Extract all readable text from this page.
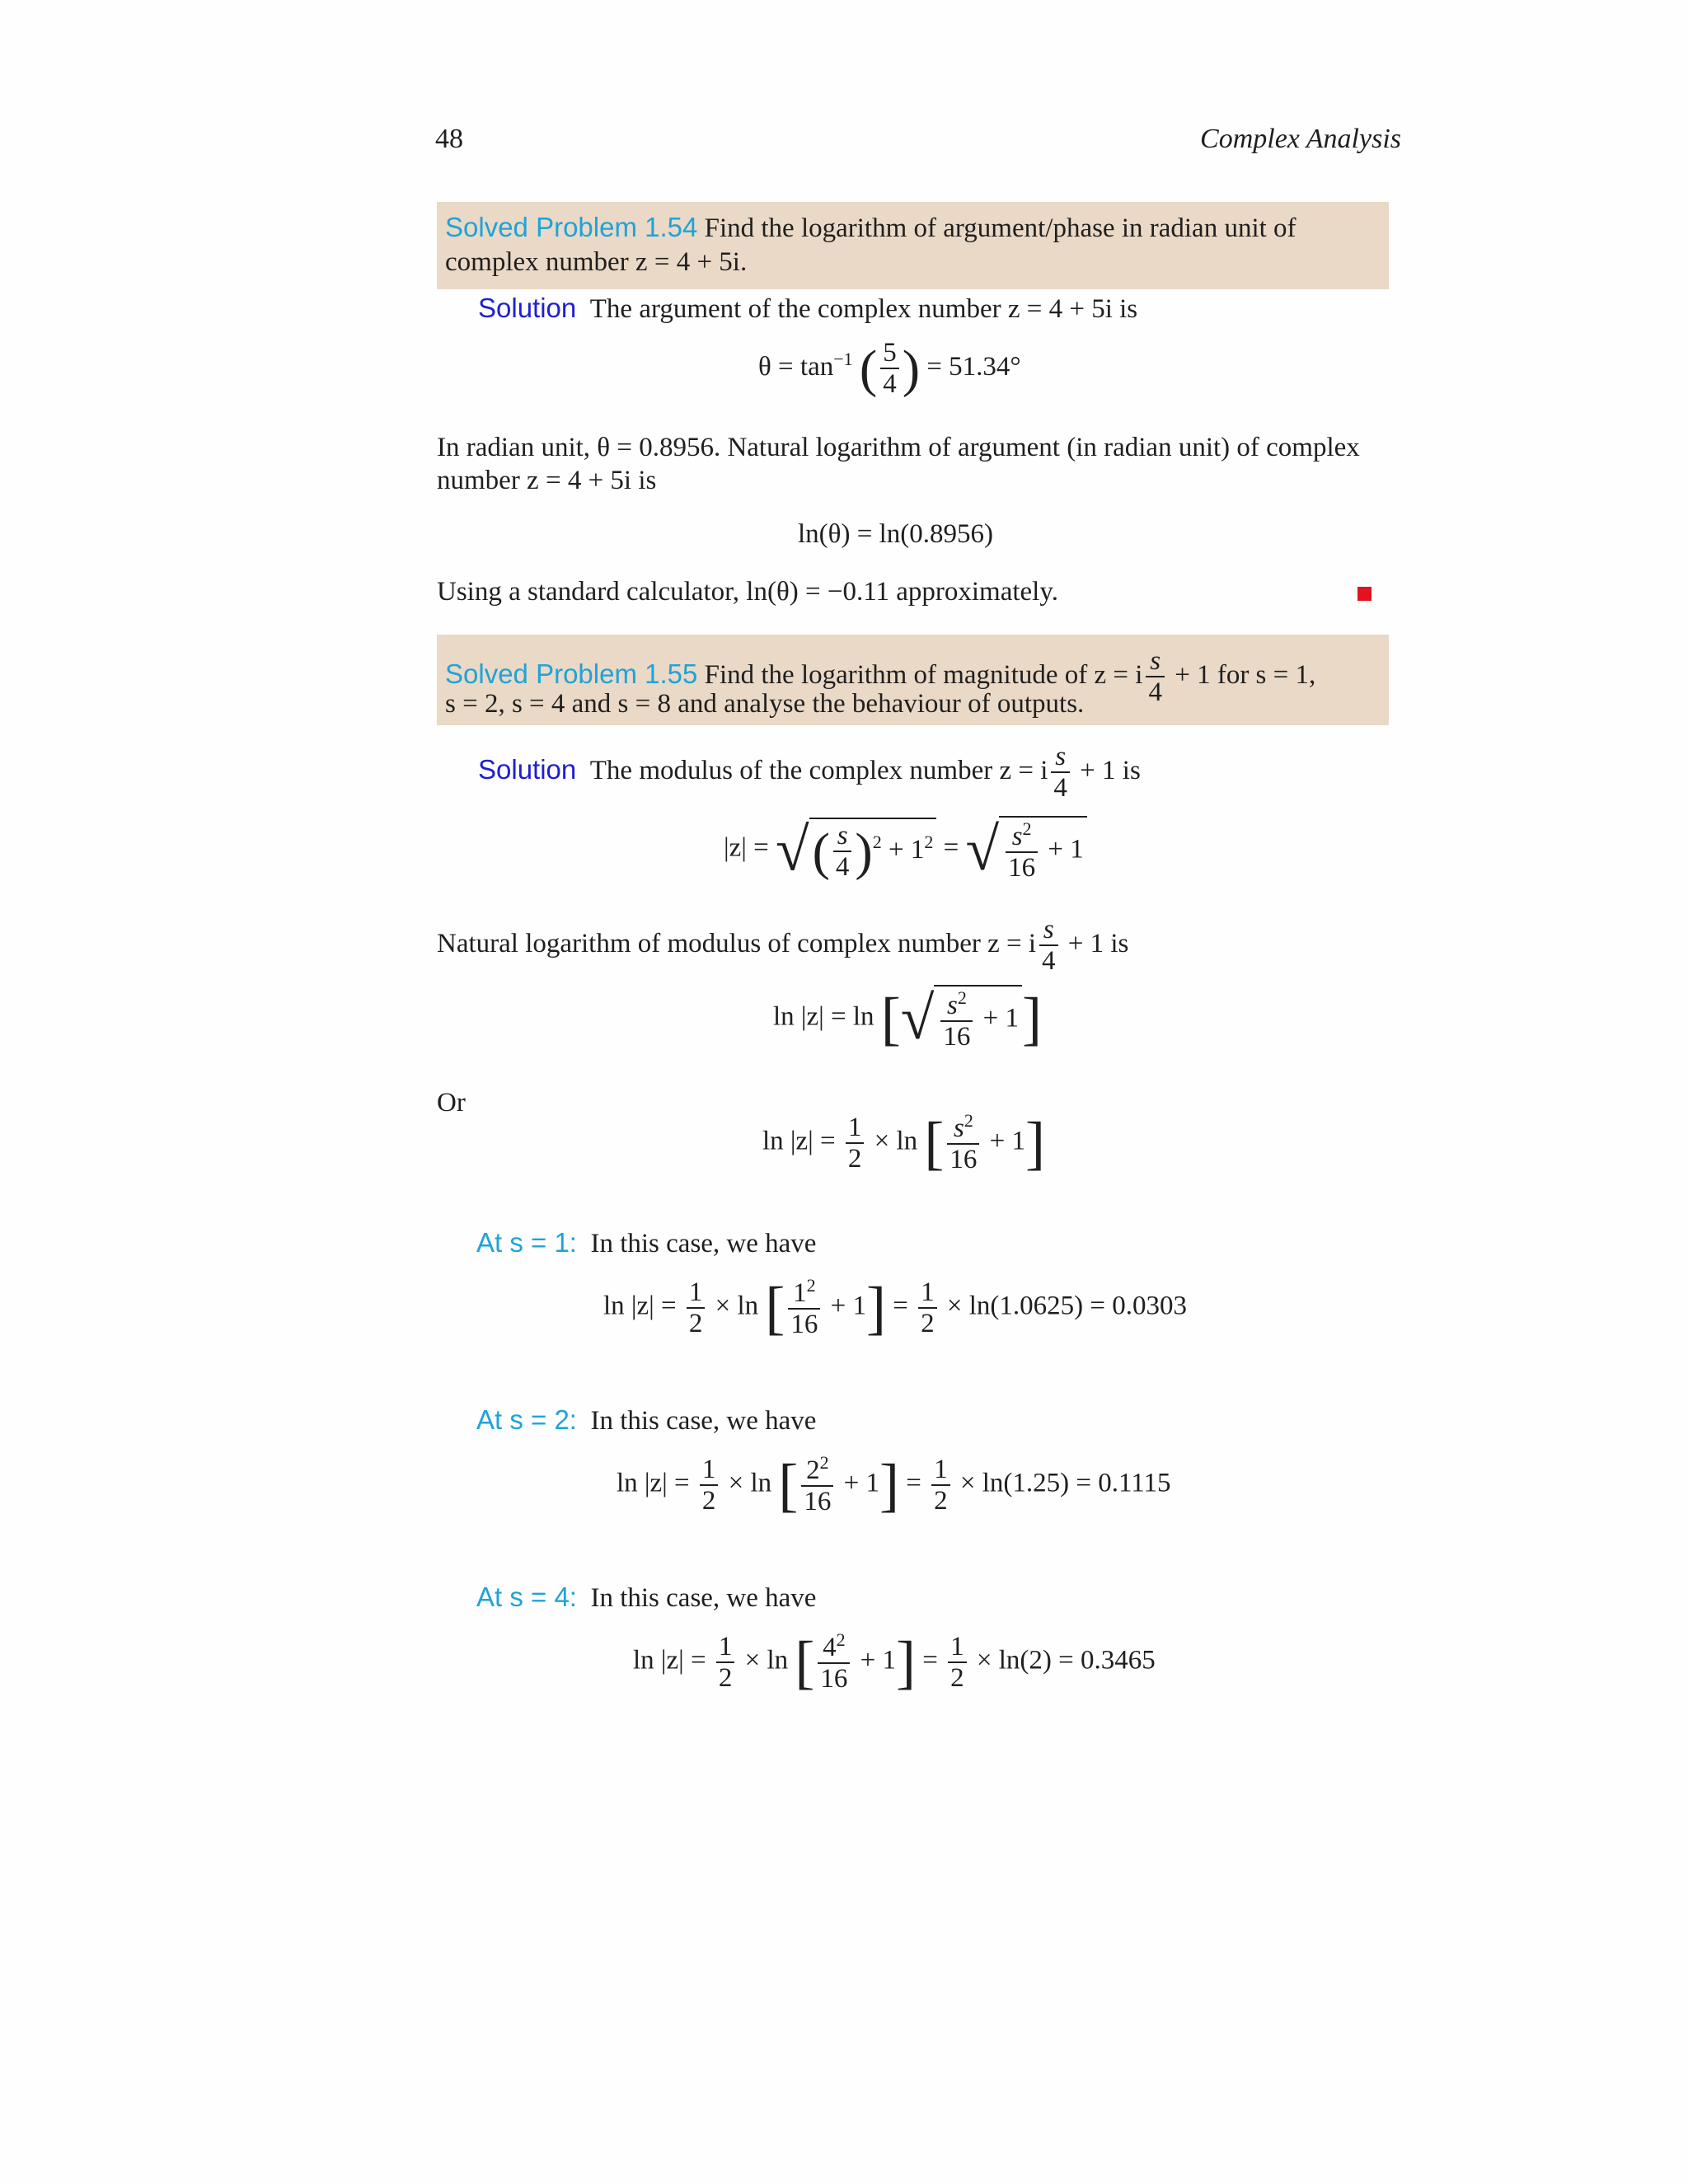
48	Complex Analysis
Solved Problem 1.54 Find the logarithm of argument/phase in radian unit of complex number z = 4 + 5i.
Solution The argument of the complex number z = 4 + 5i is
$\theta = \tan^{-1}$ ( $\frac{5}{4}$ ) = 51.34°
In radian unit, θ = 0.8956. Natural logarithm of argument (in radian unit) of complex number z = 4 + 5i is
ln(θ) = ln(0.8956)
Using a standard calculator, ln(θ) = −0.11 approximately.
Solved Problem 1.55 Find the logarithm of magnitude of z = i $\frac{s}{4} + 1$ for s = 1,
s = 2, s = 4 and s = 8 and analyse the behaviour of outputs.
Solution The modulus of the complex number z = i $\frac{s}{4} + 1$ is
|z| = √( $\frac{s}{4} )^2 + 1^2$ = √ $\frac{s^2}{16} + 1$
Natural logarithm of modulus of complex number z = i $\frac{s}{4} + 1$ is
ln |z| = ln [√ $\frac{s^2}{16} + 1$]
Or
$\ln |z| = \frac{1}{2} \times \ln$ [ $\frac{s^2}{16} + 1$]
At s = 1: In this case, we have
$\ln |z| = \frac{1}{2} \times \ln$ [ $\frac{1^2}{16} + 1] = \frac{1}{2} \times \ln(1.0625) = 0.0303$
At s = 2: In this case, we have
$\ln |z| = \frac{1}{2} \times \ln$ [ $\frac{2^2}{16} + 1] = \frac{1}{2} \times \ln(1.25) = 0.1115$
At s = 4: In this case, we have
$\ln |z| = \frac{1}{2} \times \ln$ [ $\frac{4^2}{16} + 1] = \frac{1}{2} \times \ln(2) = 0.3465$
